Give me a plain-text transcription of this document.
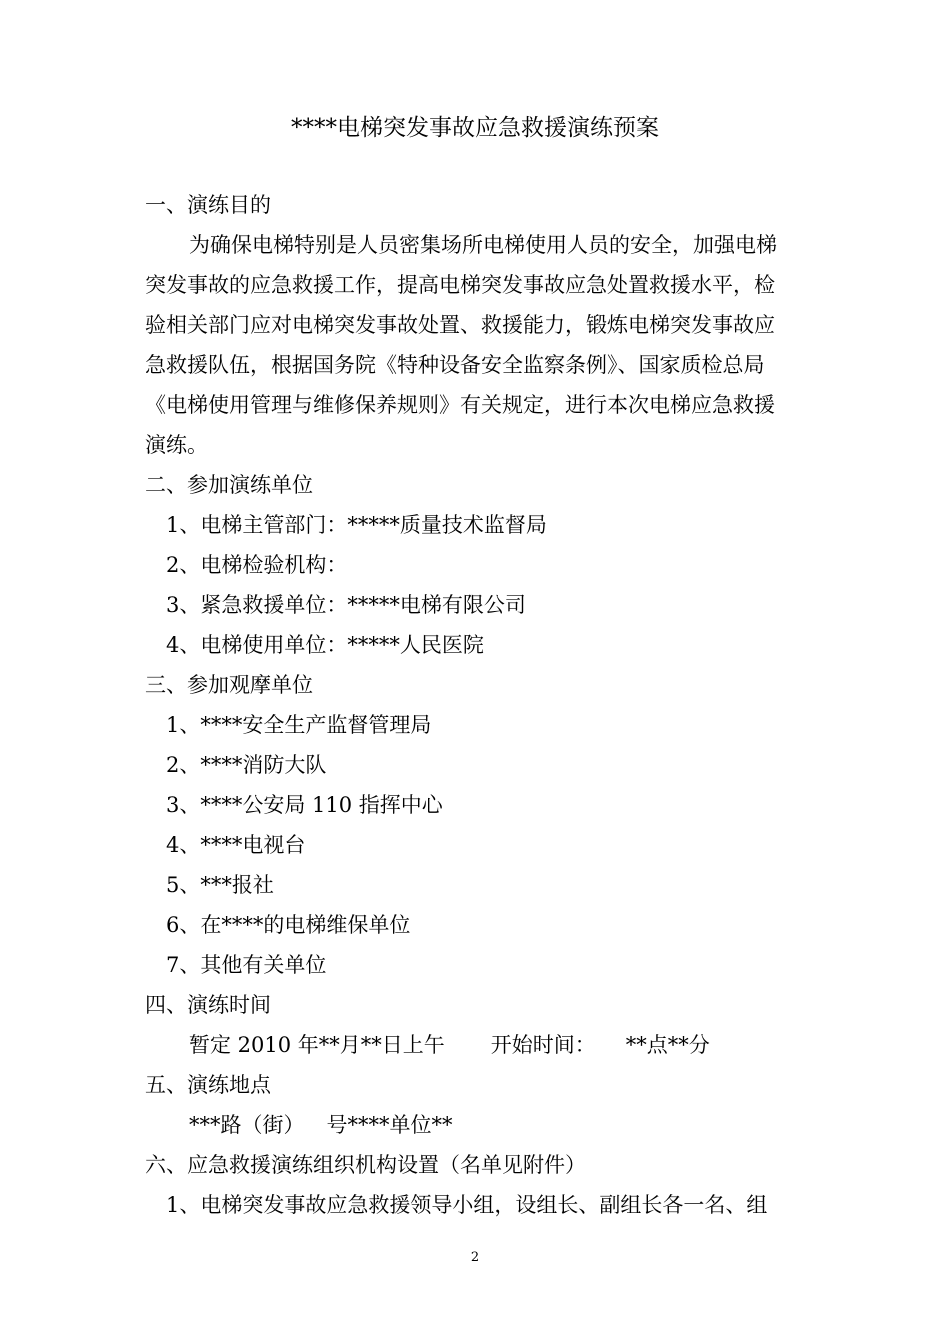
****电梯突发事故应急救援演练预案
一、演练目的
为确保电梯特别是人员密集场所电梯使用人员的安全，加强电梯
突发事故的应急救援工作，提高电梯突发事故应急处置救援水平，检
验相关部门应对电梯突发事故处置、救援能力，锻炼电梯突发事故应
急救援队伍，根据国务院《特种设备安全监察条例》、国家质检总局
《电梯使用管理与维修保养规则》有关规定，进行本次电梯应急救援
演练。
二、参加演练单位
1、电梯主管部门：*****质量技术监督局
2、电梯检验机构：
3、紧急救援单位：*****电梯有限公司
4、电梯使用单位：*****人民医院
三、参加观摩单位
1、****安全生产监督管理局
2、****消防大队
3、****公安局 110 指挥中心
4、****电视台
5、***报社
6、在****的电梯维保单位
7、其他有关单位
四、演练时间
暂定 2010 年**月**日上午 开始时间： **点**分
五、演练地点
***路（街） 号****单位**
六、应急救援演练组织机构设置（名单见附件）
1、电梯突发事故应急救援领导小组，设组长、副组长各一名、组
2
